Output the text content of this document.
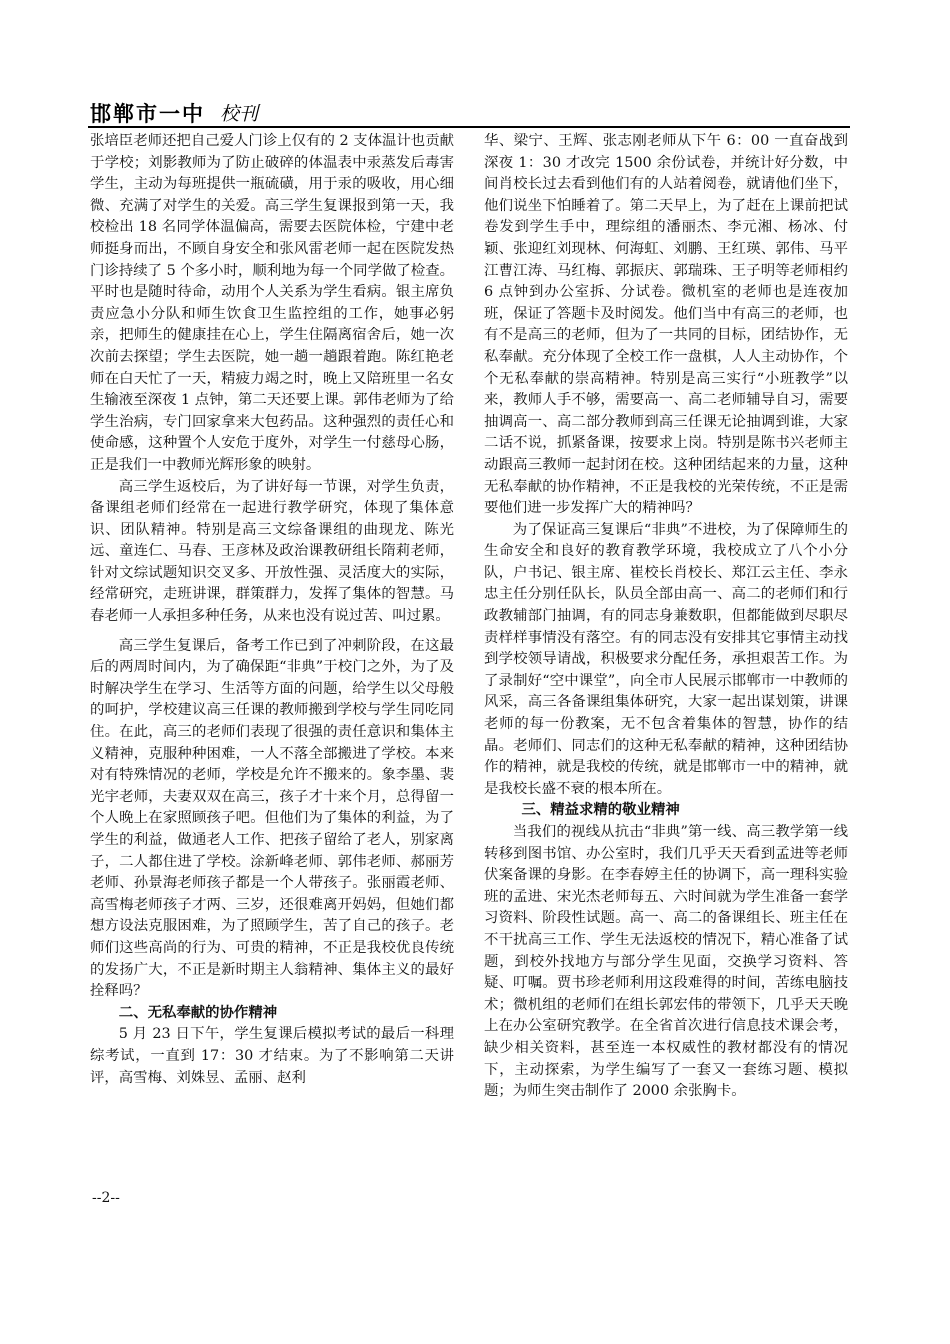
邯郸市一中 校刊

张培臣老师还把自己爱人门诊上仅有的 2 支体温计也贡献于学校；刘影教师为了防止破碎的体温表中汞蒸发后毒害学生，主动为每班提供一瓶硫磺，用于汞的吸收，用心细微、充满了对学生的关爱。高三学生复课报到第一天，我校检出 18 名同学体温偏高，需要去医院体检，宁建中老师挺身而出，不顾自身安全和张风雷老师一起在医院发热门诊持续了 5 个多小时，顺利地为每一个同学做了检查。平时也是随时待命，动用个人关系为学生看病。银主席负责应急小分队和师生饮食卫生监控组的工作，她事必躬亲，把师生的健康挂在心上，学生住隔离宿舍后，她一次次前去探望；学生去医院，她一趟一趟跟着跑。陈红艳老师在白天忙了一天，精疲力竭之时，晚上又陪班里一名女生输液至深夜 1 点钟，第二天还要上课。郭伟老师为了给学生治病，专门回家拿来大包药品。这种强烈的责任心和使命感，这种置个人安危于度外，对学生一付慈母心肠，正是我们一中教师光辉形象的映射。

高三学生返校后，为了讲好每一节课，对学生负责，备课组老师们经常在一起进行教学研究，体现了集体意识、团队精神。特别是高三文综备课组的曲现龙、陈光远、童连仁、马春、王彦林及政治课教研组长隋莉老师，针对文综试题知识交叉多、开放性强、灵活度大的实际，经常研究，走班讲课，群策群力，发挥了集体的智慧。马春老师一人承担多种任务，从来也没有说过苦、叫过累。

高三学生复课后，备考工作已到了冲刺阶段，在这最后的两周时间内，为了确保距“非典”于校门之外，为了及时解决学生在学习、生活等方面的问题，给学生以父母般的呵护，学校建议高三任课的教师搬到学校与学生同吃同住。在此，高三的老师们表现了很强的责任意识和集体主义精神，克服种种困难，一人不落全部搬进了学校。本来对有特殊情况的老师，学校是允许不搬来的。象李墨、裴光宇老师，夫妻双双在高三，孩子才十来个月，总得留一个人晚上在家照顾孩子吧。但他们为了集体的利益，为了学生的利益，做通老人工作、把孩子留给了老人，别家离子，二人都住进了学校。涂新峰老师、郭伟老师、郝丽芳老师、孙景海老师孩子都是一个人带孩子。张丽霞老师、高雪梅老师孩子才两、三岁，还很难离开妈妈，但她们都想方设法克服困难，为了照顾学生，苦了自己的孩子。老师们这些高尚的行为、可贵的精神，不正是我校优良传统的发扬广大，不正是新时期主人翁精神、集体主义的最好拴释吗？

二、无私奉献的协作精神

5 月 23 日下午，学生复课后模拟考试的最后一科理综考试，一直到 17：30 才结束。为了不影响第二天讲评，高雪梅、刘姝昱、孟丽、赵利

华、梁宁、王辉、张志刚老师从下午 6：00 一直奋战到深夜 1：30 才改完 1500 余份试卷，并统计好分数，中间肖校长过去看到他们有的人站着阅卷，就请他们坐下，他们说坐下怕睡着了。第二天早上，为了赶在上课前把试卷发到学生手中，理综组的潘丽杰、李元湘、杨冰、付颖、张迎红刘现林、何海虹、刘鹏、王红瑛、郭伟、马平江曹江涛、马红梅、郭振庆、郭瑞珠、王子明等老师相约 6 点钟到办公室拆、分试卷。微机室的老师也是连夜加班，保证了答题卡及时阅发。他们当中有高三的老师，也有不是高三的老师，但为了一共同的目标，团结协作，无私奉献。充分体现了全校工作一盘棋，人人主动协作，个个无私奉献的崇高精神。特别是高三实行“小班教学”以来，教师人手不够，需要高一、高二老师辅导自习，需要抽调高一、高二部分教师到高三任课无论抽调到谁，大家二话不说，抓紧备课，按要求上岗。特别是陈书兴老师主动跟高三教师一起封闭在校。这种团结起来的力量，这种无私奉献的协作精神，不正是我校的光荣传统，不正是需要他们进一步发挥广大的精神吗？

为了保证高三复课后“非典”不进校，为了保障师生的生命安全和良好的教育教学环境，我校成立了八个小分队，户书记、银主席、崔校长肖校长、郑江云主任、李永忠主任分别任队长，队员全部由高一、高二的老师们和行政教辅部门抽调，有的同志身兼数职，但都能做到尽职尽责样样事情没有落空。有的同志没有安排其它事情主动找到学校领导请战，积极要求分配任务，承担艰苦工作。为了录制好“空中课堂”，向全市人民展示邯郸市一中教师的风采，高三各备课组集体研究，大家一起出谋划策，讲课老师的每一份教案，无不包含着集体的智慧，协作的结晶。老师们、同志们的这种无私奉献的精神，这种团结协作的精神，就是我校的传统，就是邯郸市一中的精神，就是我校长盛不衰的根本所在。

三、精益求精的敬业精神

当我们的视线从抗击“非典”第一线、高三教学第一线转移到图书馆、办公室时，我们几乎天天看到孟进等老师伏案备课的身影。在李春婷主任的协调下，高一理科实验班的孟进、宋光杰老师每五、六时间就为学生准备一套学习资料、阶段性试题。高一、高二的备课组长、班主任在不干扰高三工作、学生无法返校的情况下，精心准备了试题，到校外找地方与部分学生见面，交换学习资料、答疑、叮嘱。贾书珍老师利用这段难得的时间，苦练电脑技术；微机组的老师们在组长郭宏伟的带领下，几乎天天晚上在办公室研究教学。在全省首次进行信息技术课会考，缺少相关资料，甚至连一本权威性的教材都没有的情况下，主动探索，为学生编写了一套又一套练习题、模拟题；为师生突击制作了 2000 余张胸卡。

--2--
